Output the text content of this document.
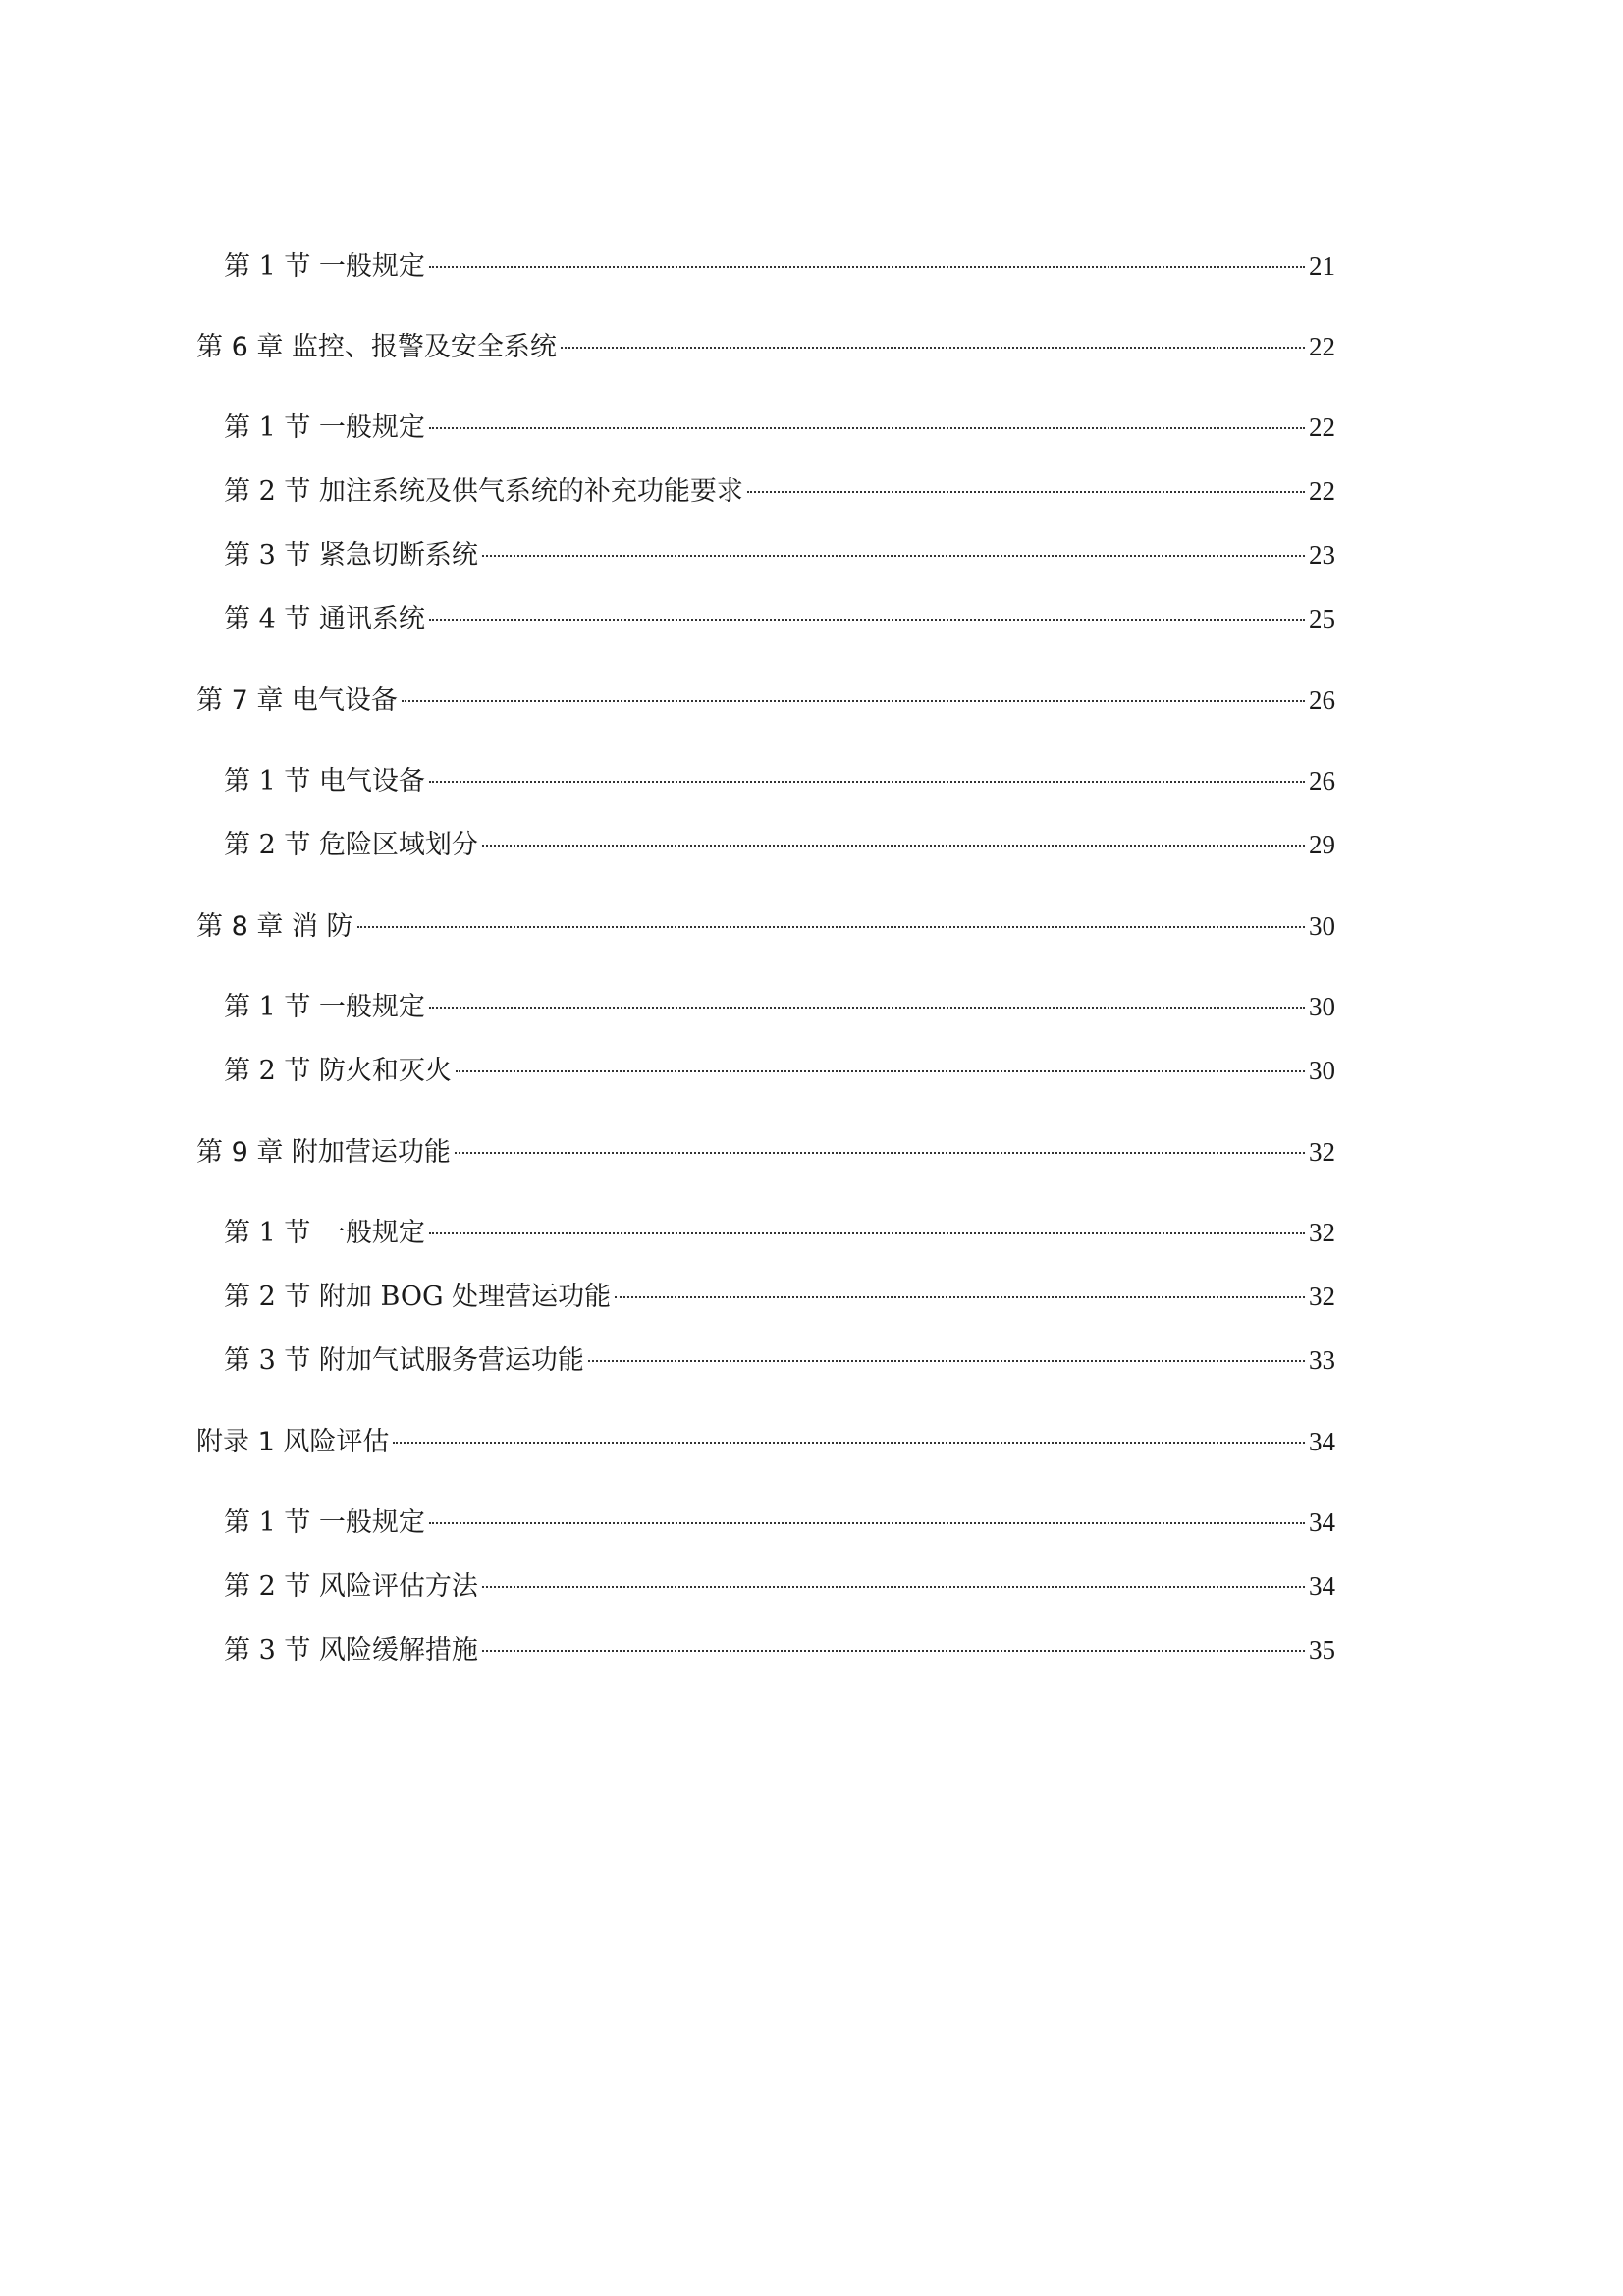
第 1 节 一般规定	21
第 6 章 监控、报警及安全系统	22
第 1 节 一般规定	22
第 2 节 加注系统及供气系统的补充功能要求	22
第 3 节 紧急切断系统	23
第 4 节 通讯系统	25
第 7 章 电气设备	26
第 1 节 电气设备	26
第 2 节 危险区域划分	29
第 8 章 消 防	30
第 1 节 一般规定	30
第 2 节 防火和灭火	30
第 9 章 附加营运功能	32
第 1 节 一般规定	32
第 2 节 附加 BOG 处理营运功能	32
第 3 节 附加气试服务营运功能	33
附录 1 风险评估	34
第 1 节 一般规定	34
第 2 节 风险评估方法	34
第 3 节 风险缓解措施	35
